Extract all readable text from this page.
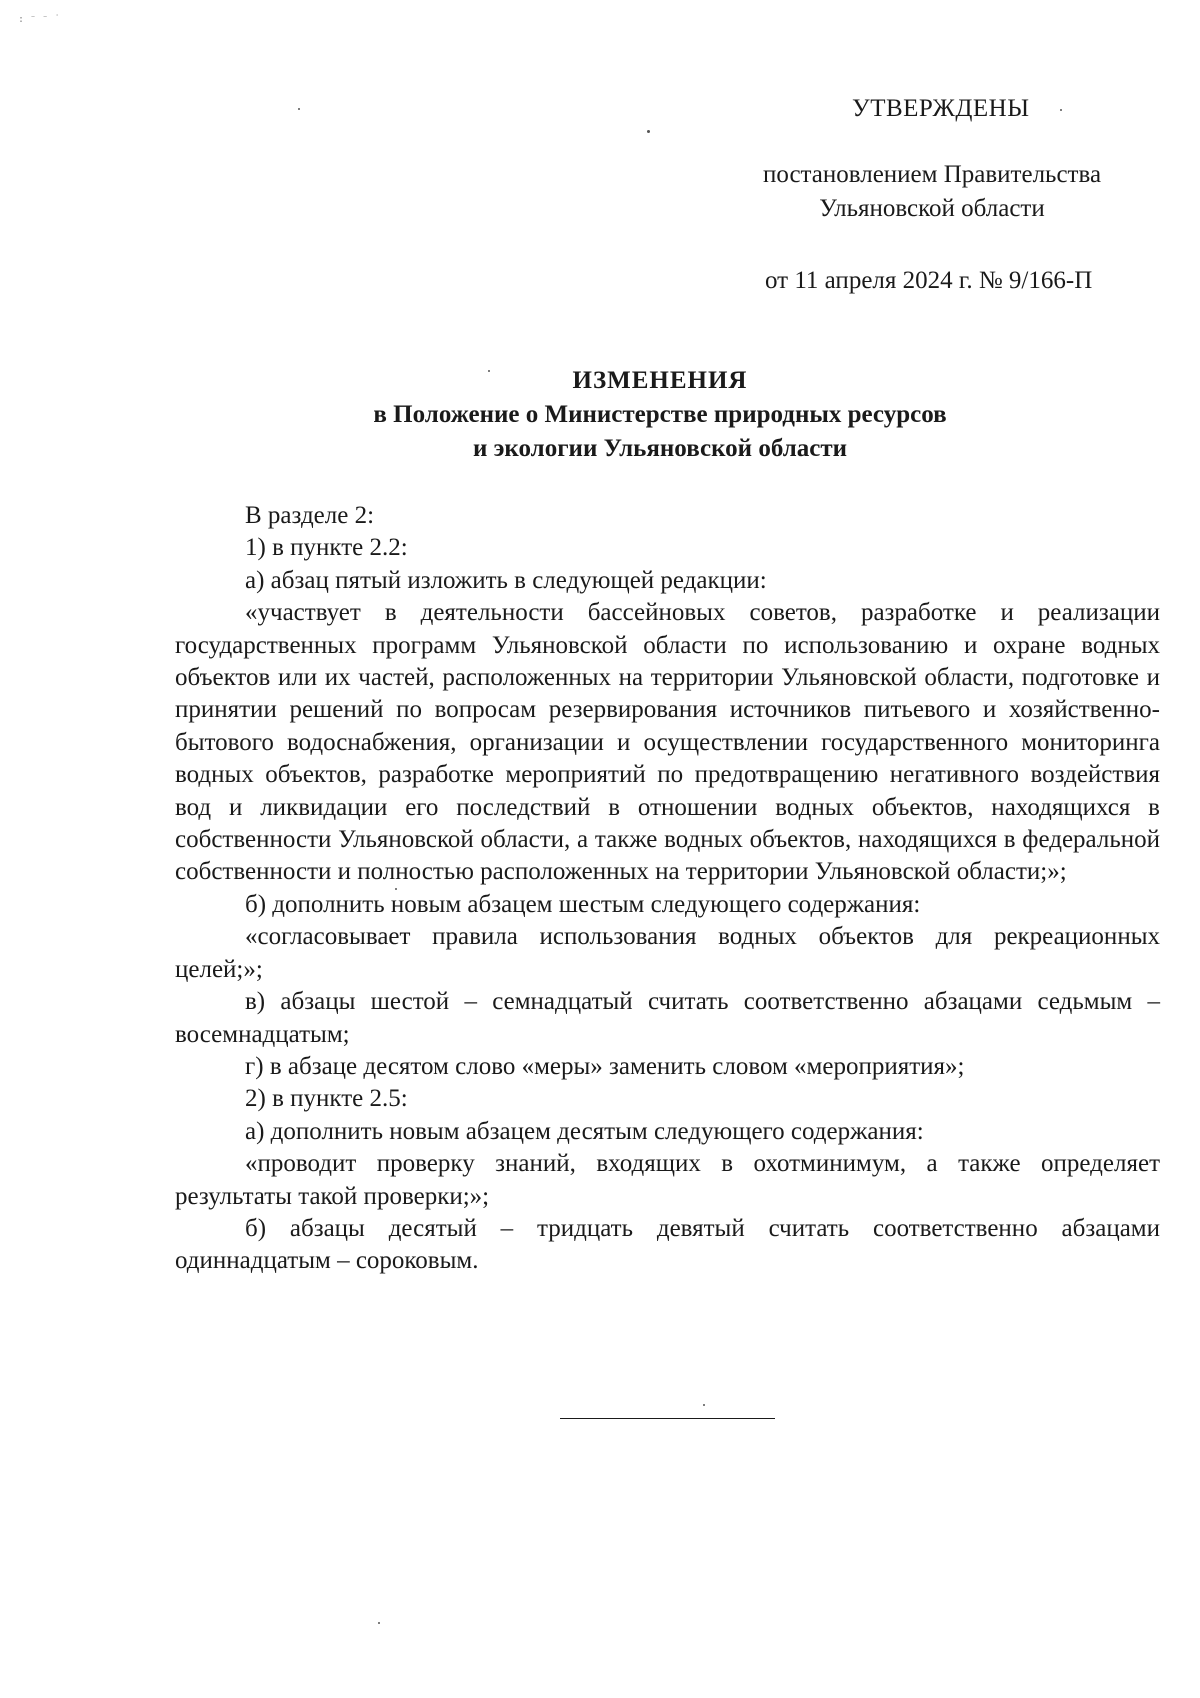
: ⁻ ⁻ ˙
УТВЕРЖДЕНЫ
постановлением Правительства
Ульяновской области
от 11 апреля 2024 г. № 9/166-П
ИЗМЕНЕНИЯ
в Положение о Министерстве природных ресурсов
и экологии Ульяновской области

В разделе 2:

1) в пункте 2.2:

а) абзац пятый изложить в следующей редакции:

«участвует в деятельности бассейновых советов, разработке и реализации государственных программ Ульяновской области по использованию и охране водных объектов или их частей, расположенных на территории Ульяновской области, подготовке и принятии решений по вопросам резервирования источников питьевого и хозяйственно-бытового водоснабжения, организации и осуществлении государственного мониторинга водных объектов, разработке мероприятий по предотвращению негативного воздействия вод и ликвидации его последствий в отношении водных объектов, находящихся в собственности Ульяновской области, а также водных объектов, находящихся в федеральной собственности и полностью расположенных на территории Ульяновской области;»;

б) дополнить новым абзацем шестым следующего содержания:

«согласовывает правила использования водных объектов для рекреационных целей;»;

в) абзацы шестой – семнадцатый считать соответственно абзацами седьмым – восемнадцатым;

г) в абзаце десятом слово «меры» заменить словом «мероприятия»;

2) в пункте 2.5:

а) дополнить новым абзацем десятым следующего содержания:

«проводит проверку знаний, входящих в охотминимум, а также определяет результаты такой проверки;»;

б) абзацы десятый – тридцать девятый считать соответственно абзацами одиннадцатым – сороковым.
